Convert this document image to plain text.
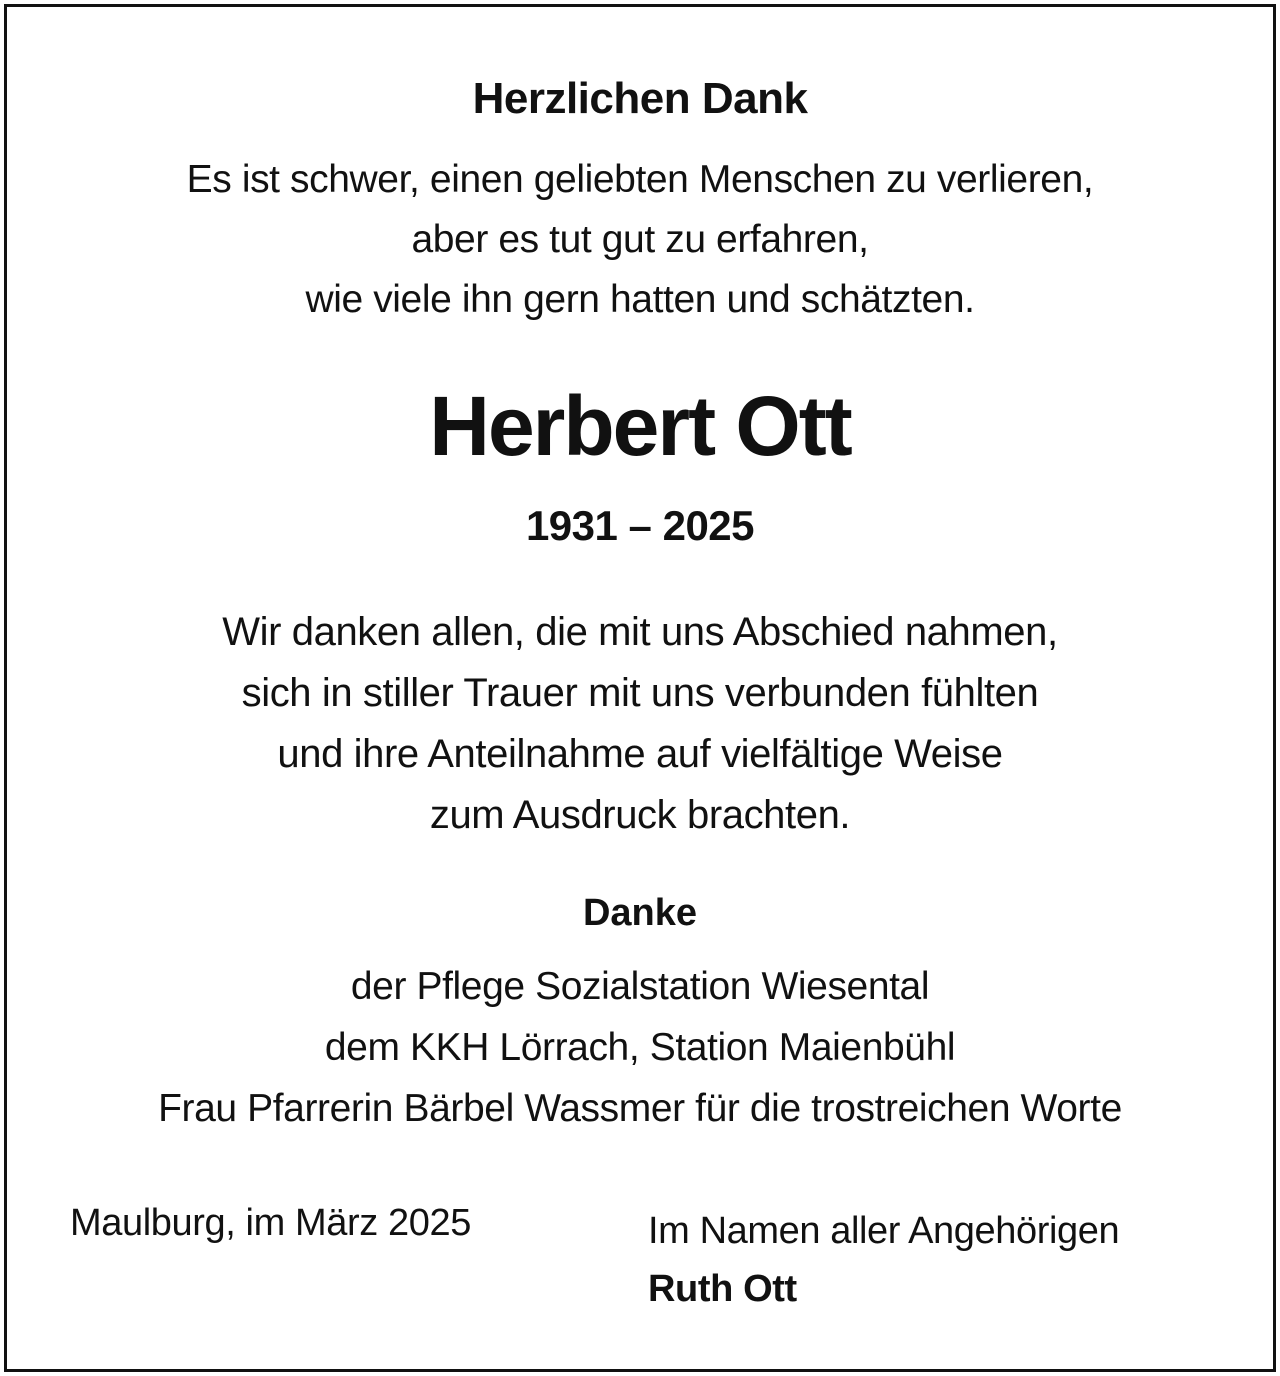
Herzlichen Dank
Es ist schwer, einen geliebten Menschen zu verlieren,
aber es tut gut zu erfahren,
wie viele ihn gern hatten und schätzten.
Herbert Ott
1931 – 2025
Wir danken allen, die mit uns Abschied nahmen,
sich in stiller Trauer mit uns verbunden fühlten
und ihre Anteilnahme auf vielfältige Weise
zum Ausdruck brachten.
Danke
der Pflege Sozialstation Wiesental
dem KKH Lörrach, Station Maienbühl
Frau Pfarrerin Bärbel Wassmer für die trostreichen Worte
Maulburg, im März 2025	Im Namen aller Angehörigen
Ruth Ott
